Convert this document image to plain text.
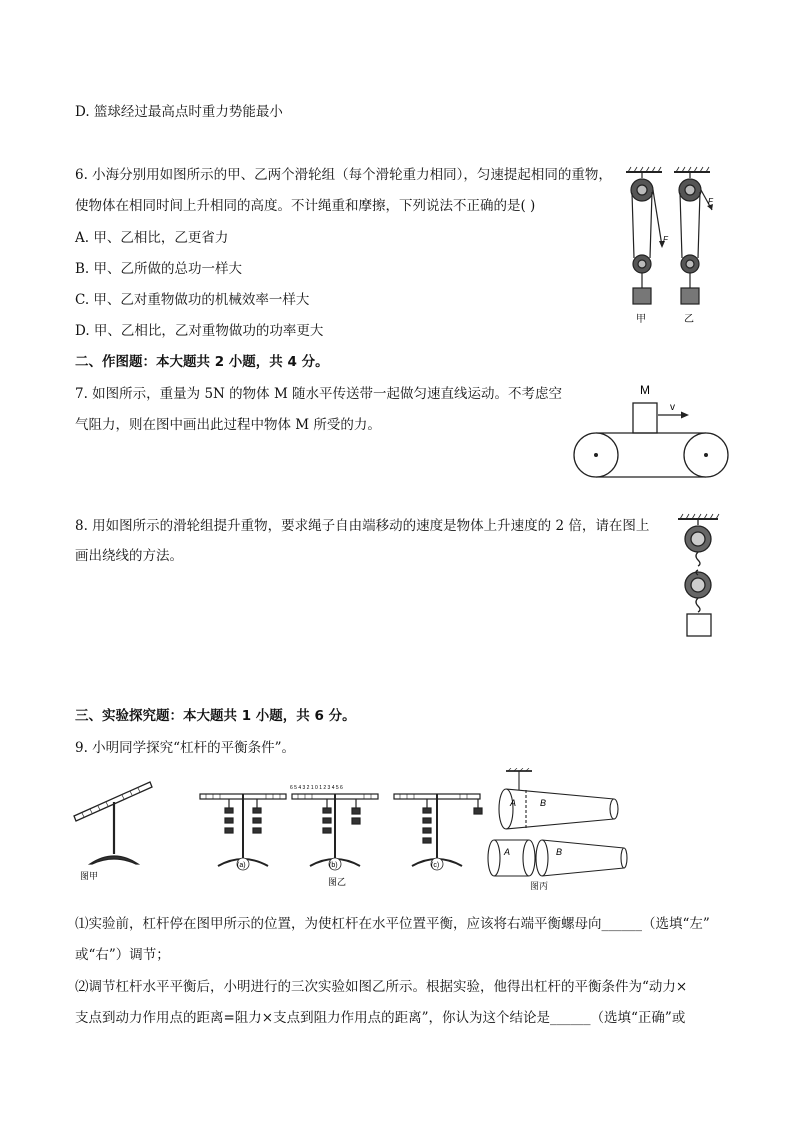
D. 篮球经过最高点时重力势能最小
6. 小海分别用如图所示的甲、乙两个滑轮组（每个滑轮重力相同），匀速提起相同的重物，
使物体在相同时间上升相同的高度。不计绳重和摩擦，下列说法不正确的是( )
A. 甲、乙相比，乙更省力
B. 甲、乙所做的总功一样大
C. 甲、乙对重物做功的机械效率一样大
D. 甲、乙相比，乙对重物做功的功率更大
F
F
甲	乙
二、作图题：本大题共 2 小题，共 4 分。
7. 如图所示，重量为 5N 的物体 M 随水平传送带一起做匀速直线运动。不考虑空
气阻力，则在图中画出此过程中物体 M 所受的力。
M
v
8. 用如图所示的滑轮组提升重物，要求绳子自由端移动的速度是物体上升速度的 2 倍，请在图上
画出绕线的方法。
三、实验探究题：本大题共 1 小题，共 6 分。
9. 小明同学探究“杠杆的平衡条件”。
图甲
6 5 4 3 2 1 0 1 2 3 4 5 6
(a)	(b)	(c)
图乙
A	B
A	B
图丙
⑴实验前，杠杆停在图甲所示的位置，为使杠杆在水平位置平衡，应该将右端平衡螺母向______（选填“左”
或“右”）调节；
⑵调节杠杆水平平衡后，小明进行的三次实验如图乙所示。根据实验，他得出杠杆的平衡条件为“动力×
支点到动力作用点的距离=阻力×支点到阻力作用点的距离”，你认为这个结论是______（选填“正确”或
